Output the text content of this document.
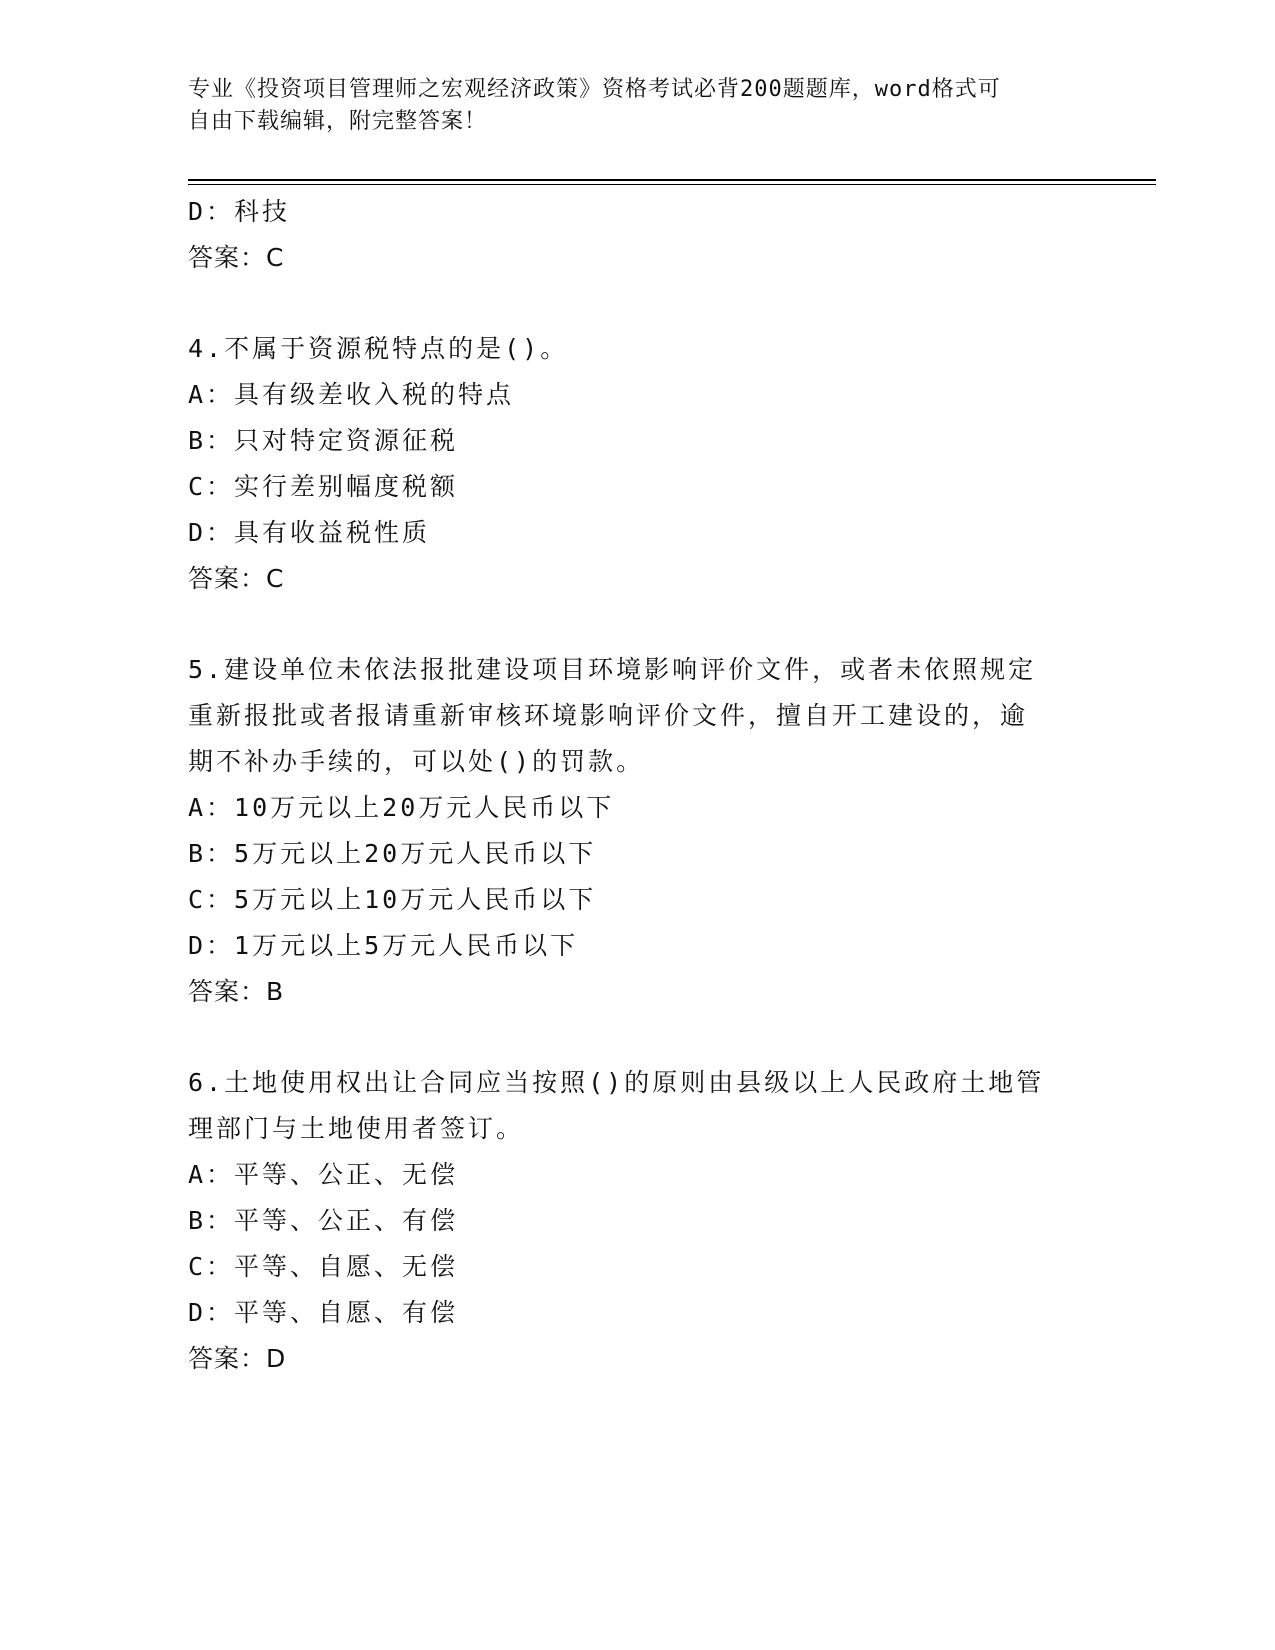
专业《投资项目管理师之宏观经济政策》资格考试必背200题题库，word格式可
自由下载编辑，附完整答案！
D：科技
答案：C
4.不属于资源税特点的是()。
A：具有级差收入税的特点
B：只对特定资源征税
C：实行差别幅度税额
D：具有收益税性质
答案：C
5.建设单位未依法报批建设项目环境影响评价文件，或者未依照规定
重新报批或者报请重新审核环境影响评价文件，擅自开工建设的，逾
期不补办手续的，可以处()的罚款。
A：10万元以上20万元人民币以下
B：5万元以上20万元人民币以下
C：5万元以上10万元人民币以下
D：1万元以上5万元人民币以下
答案：B
6.土地使用权出让合同应当按照()的原则由县级以上人民政府土地管
理部门与土地使用者签订。
A：平等、公正、无偿
B：平等、公正、有偿
C：平等、自愿、无偿
D：平等、自愿、有偿
答案：D
